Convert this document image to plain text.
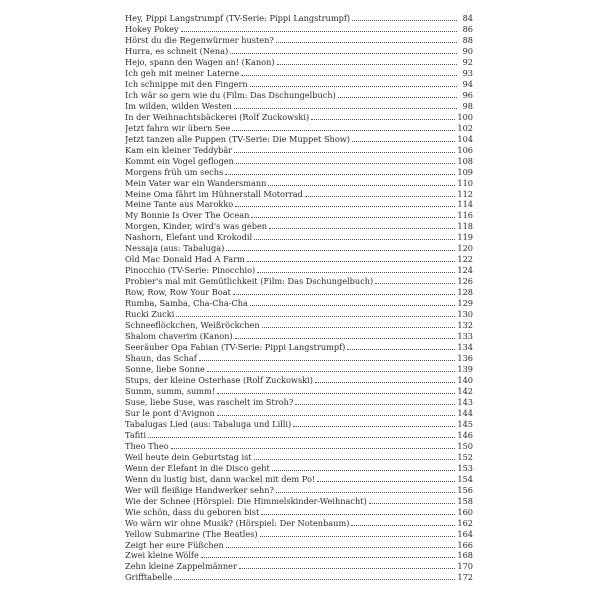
Hey, Pippi Langstrumpf (TV-Serie: Pippi Langstrumpf)	84
Hokey Pokey	86
Hörst du die Regenwürmer husten?	88
Hurra, es schneit (Nena)	90
Hejo, spann den Wagen an! (Kanon)	92
Ich geh mit meiner Laterne	93
Ich schnippe mit den Fingern	94
Ich wär so gern wie du (Film: Das Dschungelbuch)	96
Im wilden, wilden Westen	98
In der Weihnachtsbäckerei (Rolf Zuckowski)	100
Jetzt fahrn wir übern See	102
Jetzt tanzen alle Puppen (TV-Serie: Die Muppet Show)	104
Kam ein kleiner Teddybär	106
Kommt ein Vogel geflogen	108
Morgens früh um sechs	109
Mein Vater war ein Wandersmann	110
Meine Oma fährt im Hühnerstall Motorrad	112
Meine Tante aus Marokko	114
My Bonnie Is Over The Ocean	116
Morgen, Kinder, wird's was geben	118
Nashorn, Elefant und Krokodil	119
Nessaja (aus: Tabaluga)	120
Old Mac Donald Had A Farm	122
Pinocchio (TV-Serie: Pinocchio)	124
Probier's mal mit Gemütlichkeit (Film: Das Dschungelbuch)	126
Row, Row, Row Your Boat	128
Rumba, Samba, Cha-Cha-Cha	129
Rucki Zucki	130
Schneeflöckchen, Weißröckchen	132
Shalom chaverim (Kanon)	133
Seeräuber Opa Fabian (TV-Serie: Pippi Langstrumpf)	134
Shaun, das Schaf	136
Sonne, liebe Sonne	139
Stups, der kleine Osterhase (Rolf Zuckowski)	140
Summ, summ, summ!	142
Suse, liebe Suse, was raschelt im Stroh?	143
Sur le pont d'Avignon	144
Tabalugas Lied (aus: Tabaluga und Lilli)	145
Tafiti	146
Theo Theo	150
Weil heute dein Geburtstag ist	152
Wenn der Elefant in die Disco geht	153
Wenn du lustig bist, dann wackel mit dem Po!	154
Wer will fleißige Handwerker sehn?	156
Wie der Schnee (Hörspiel: Die Himmelskinder-Weihnacht)	158
Wie schön, dass du geboren bist	160
Wo wärn wir ohne Musik? (Hörspiel: Der Notenbaum)	162
Yellow Submarine (The Beatles)	164
Zeigt her eure Füßchen	166
Zwei kleine Wölfe	168
Zehn kleine Zappelmänner	170
Grifftabelle	172
